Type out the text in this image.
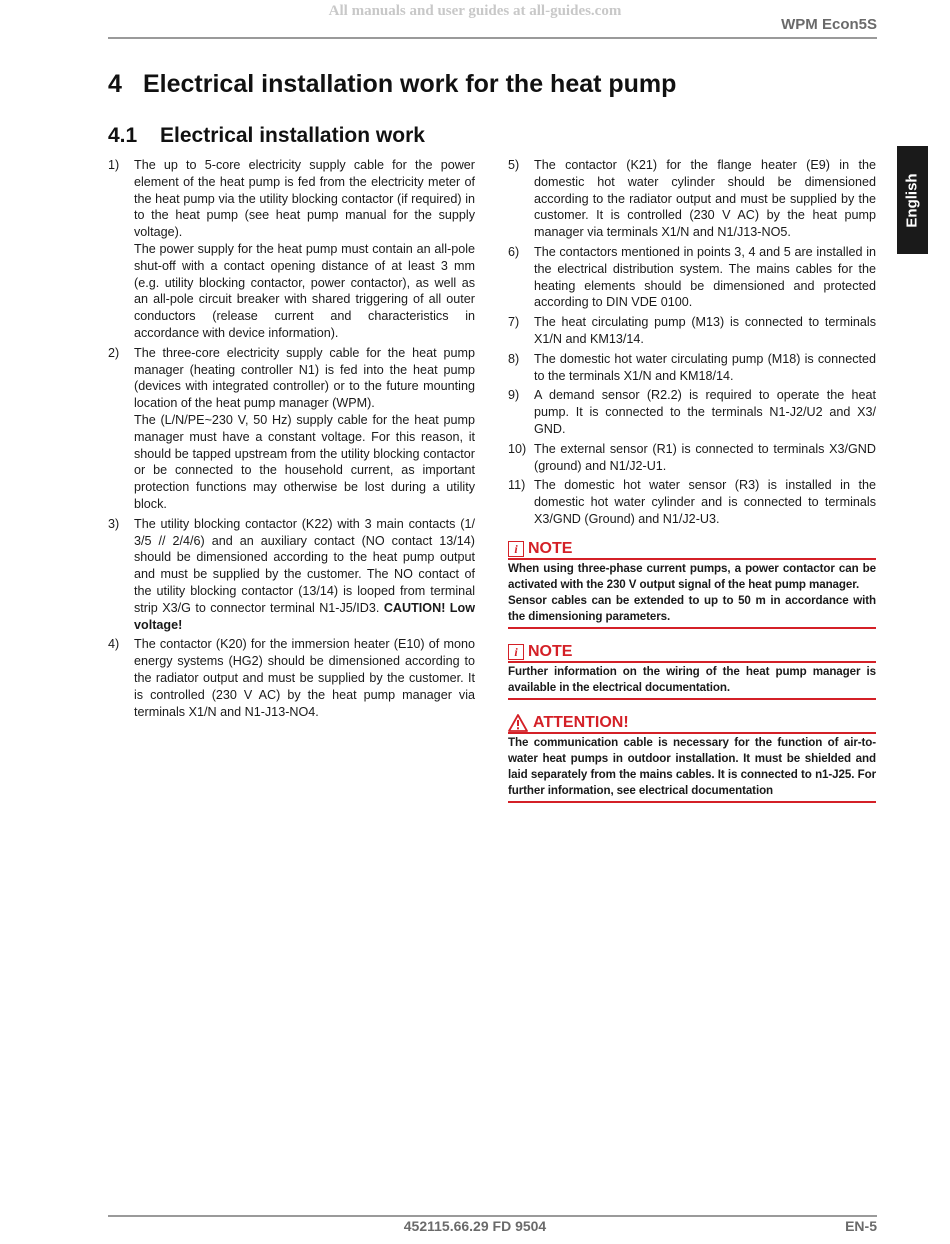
All manuals and user guides at all-guides.com
WPM Econ5S
English
4 Electrical installation work for the heat pump
4.1 Electrical installation work
1)	The up to 5-core electricity supply cable for the power element of the heat pump is fed from the electricity meter of the heat pump via the utility blocking contactor (if required) in to the heat pump (see heat pump manual for the supply voltage).

The power supply for the heat pump must contain an all-pole shut-off with a contact opening distance of at least 3 mm (e.g. utility blocking contactor, power contactor), as well as an all-pole circuit breaker with shared triggering of all outer conductors (release current and characteristics in accordance with device information).

2)	The three-core electricity supply cable for the heat pump manager (heating controller N1) is fed into the heat pump (devices with integrated controller) or to the future mounting location of the heat pump manager (WPM).

The (L/N/PE~230 V, 50 Hz) supply cable for the heat pump manager must have a constant voltage. For this reason, it should be tapped upstream from the utility blocking contactor or be connected to the household current, as important protection functions may otherwise be lost during a utility block.

3)	The utility blocking contactor (K22) with 3 main contacts (1/ 3/5 // 2/4/6) and an auxiliary contact (NO contact 13/14) should be dimensioned according to the heat pump output and must be supplied by the customer. The NO contact of the utility blocking contactor (13/14) is looped from terminal strip X3/G to connector terminal N1-J5/ID3. CAUTION! Low voltage!

4)	The contactor (K20) for the immersion heater (E10) of mono energy systems (HG2) should be dimensioned according to the radiator output and must be supplied by the customer. It is controlled (230 V AC) by the heat pump manager via terminals X1/N and N1-J13-NO4.

5)	The contactor (K21) for the flange heater (E9) in the domestic hot water cylinder should be dimensioned according to the radiator output and must be supplied by the customer. It is controlled (230 V AC) by the heat pump manager via terminals X1/N and N1/J13-NO5.
6)	The contactors mentioned in points 3, 4 and 5 are installed in the electrical distribution system. The mains cables for the heating elements should be dimensioned and protected according to DIN VDE 0100.
7)	The heat circulating pump (M13) is connected to terminals X1/N and KM13/14.
8)	The domestic hot water circulating pump (M18) is connected to the terminals X1/N and KM18/14.
9)	A demand sensor (R2.2) is required to operate the heat pump. It is connected to the terminals N1-J2/U2 and X3/ GND.
10) The external sensor (R1) is connected to terminals X3/GND (ground) and N1/J2-U1.
11) The domestic hot water sensor (R3) is installed in the domestic hot water cylinder and is connected to terminals X3/GND (Ground) and N1/J2-U3.
i NOTE

When using three-phase current pumps, a power contactor can be activated with the 230 V output signal of the heat pump manager.

Sensor cables can be extended to up to 50 m in accordance with the dimensioning parameters.

i NOTE

Further information on the wiring of the heat pump manager is available in the electrical documentation.

ATTENTION!

The communication cable is necessary for the function of air-to-water heat pumps in outdoor installation. It must be shielded and laid separately from the mains cables. It is connected to n1-J25. For further information, see electrical documentation

452115.66.29 FD 9504	EN-5
